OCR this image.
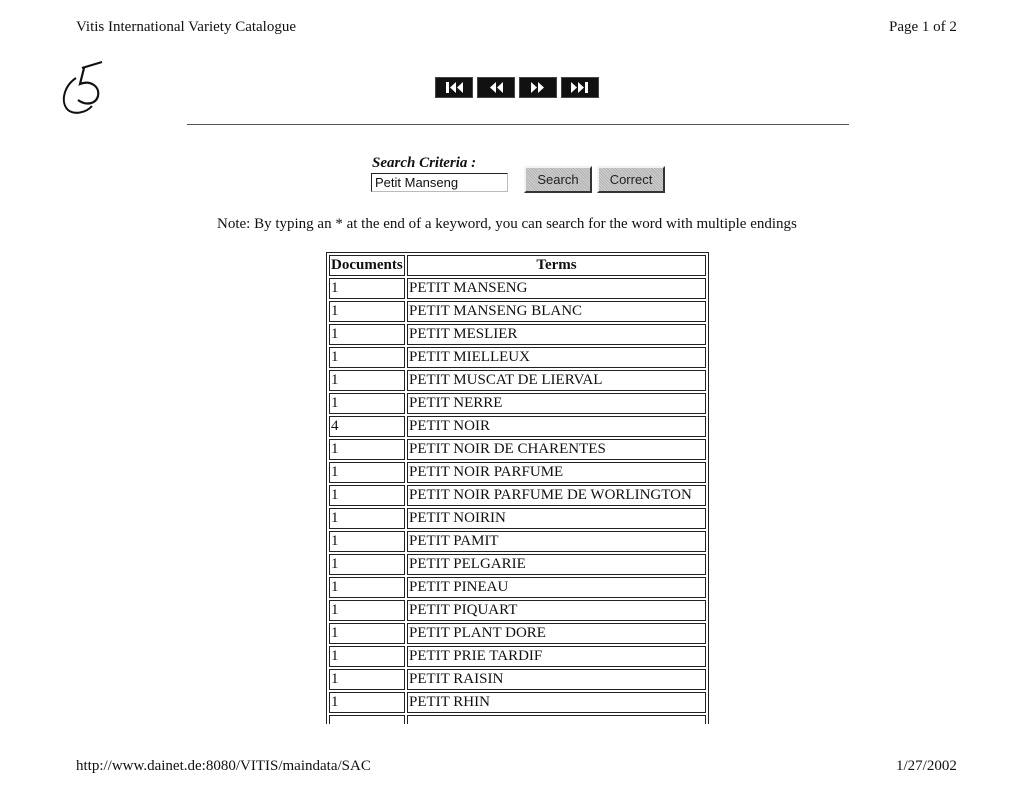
Vitis International Variety Catalogue	Page 1 of 2
Search Criteria :
Petit Manseng
Search	Correct
Note: By typing an * at the end of a keyword, you can search for the word with multiple endings
Documents	Terms
1	PETIT MANSENG
1	PETIT MANSENG BLANC
1	PETIT MESLIER
1	PETIT MIELLEUX
1	PETIT MUSCAT DE LIERVAL
1	PETIT NERRE
4	PETIT NOIR
1	PETIT NOIR DE CHARENTES
1	PETIT NOIR PARFUME
1	PETIT NOIR PARFUME DE WORLINGTON
1	PETIT NOIRIN
1	PETIT PAMIT
1	PETIT PELGARIE
1	PETIT PINEAU
1	PETIT PIQUART
1	PETIT PLANT DORE
1	PETIT PRIE TARDIF
1	PETIT RAISIN
1	PETIT RHIN

http://www.dainet.de:8080/VITIS/maindata/SAC	1/27/2002
